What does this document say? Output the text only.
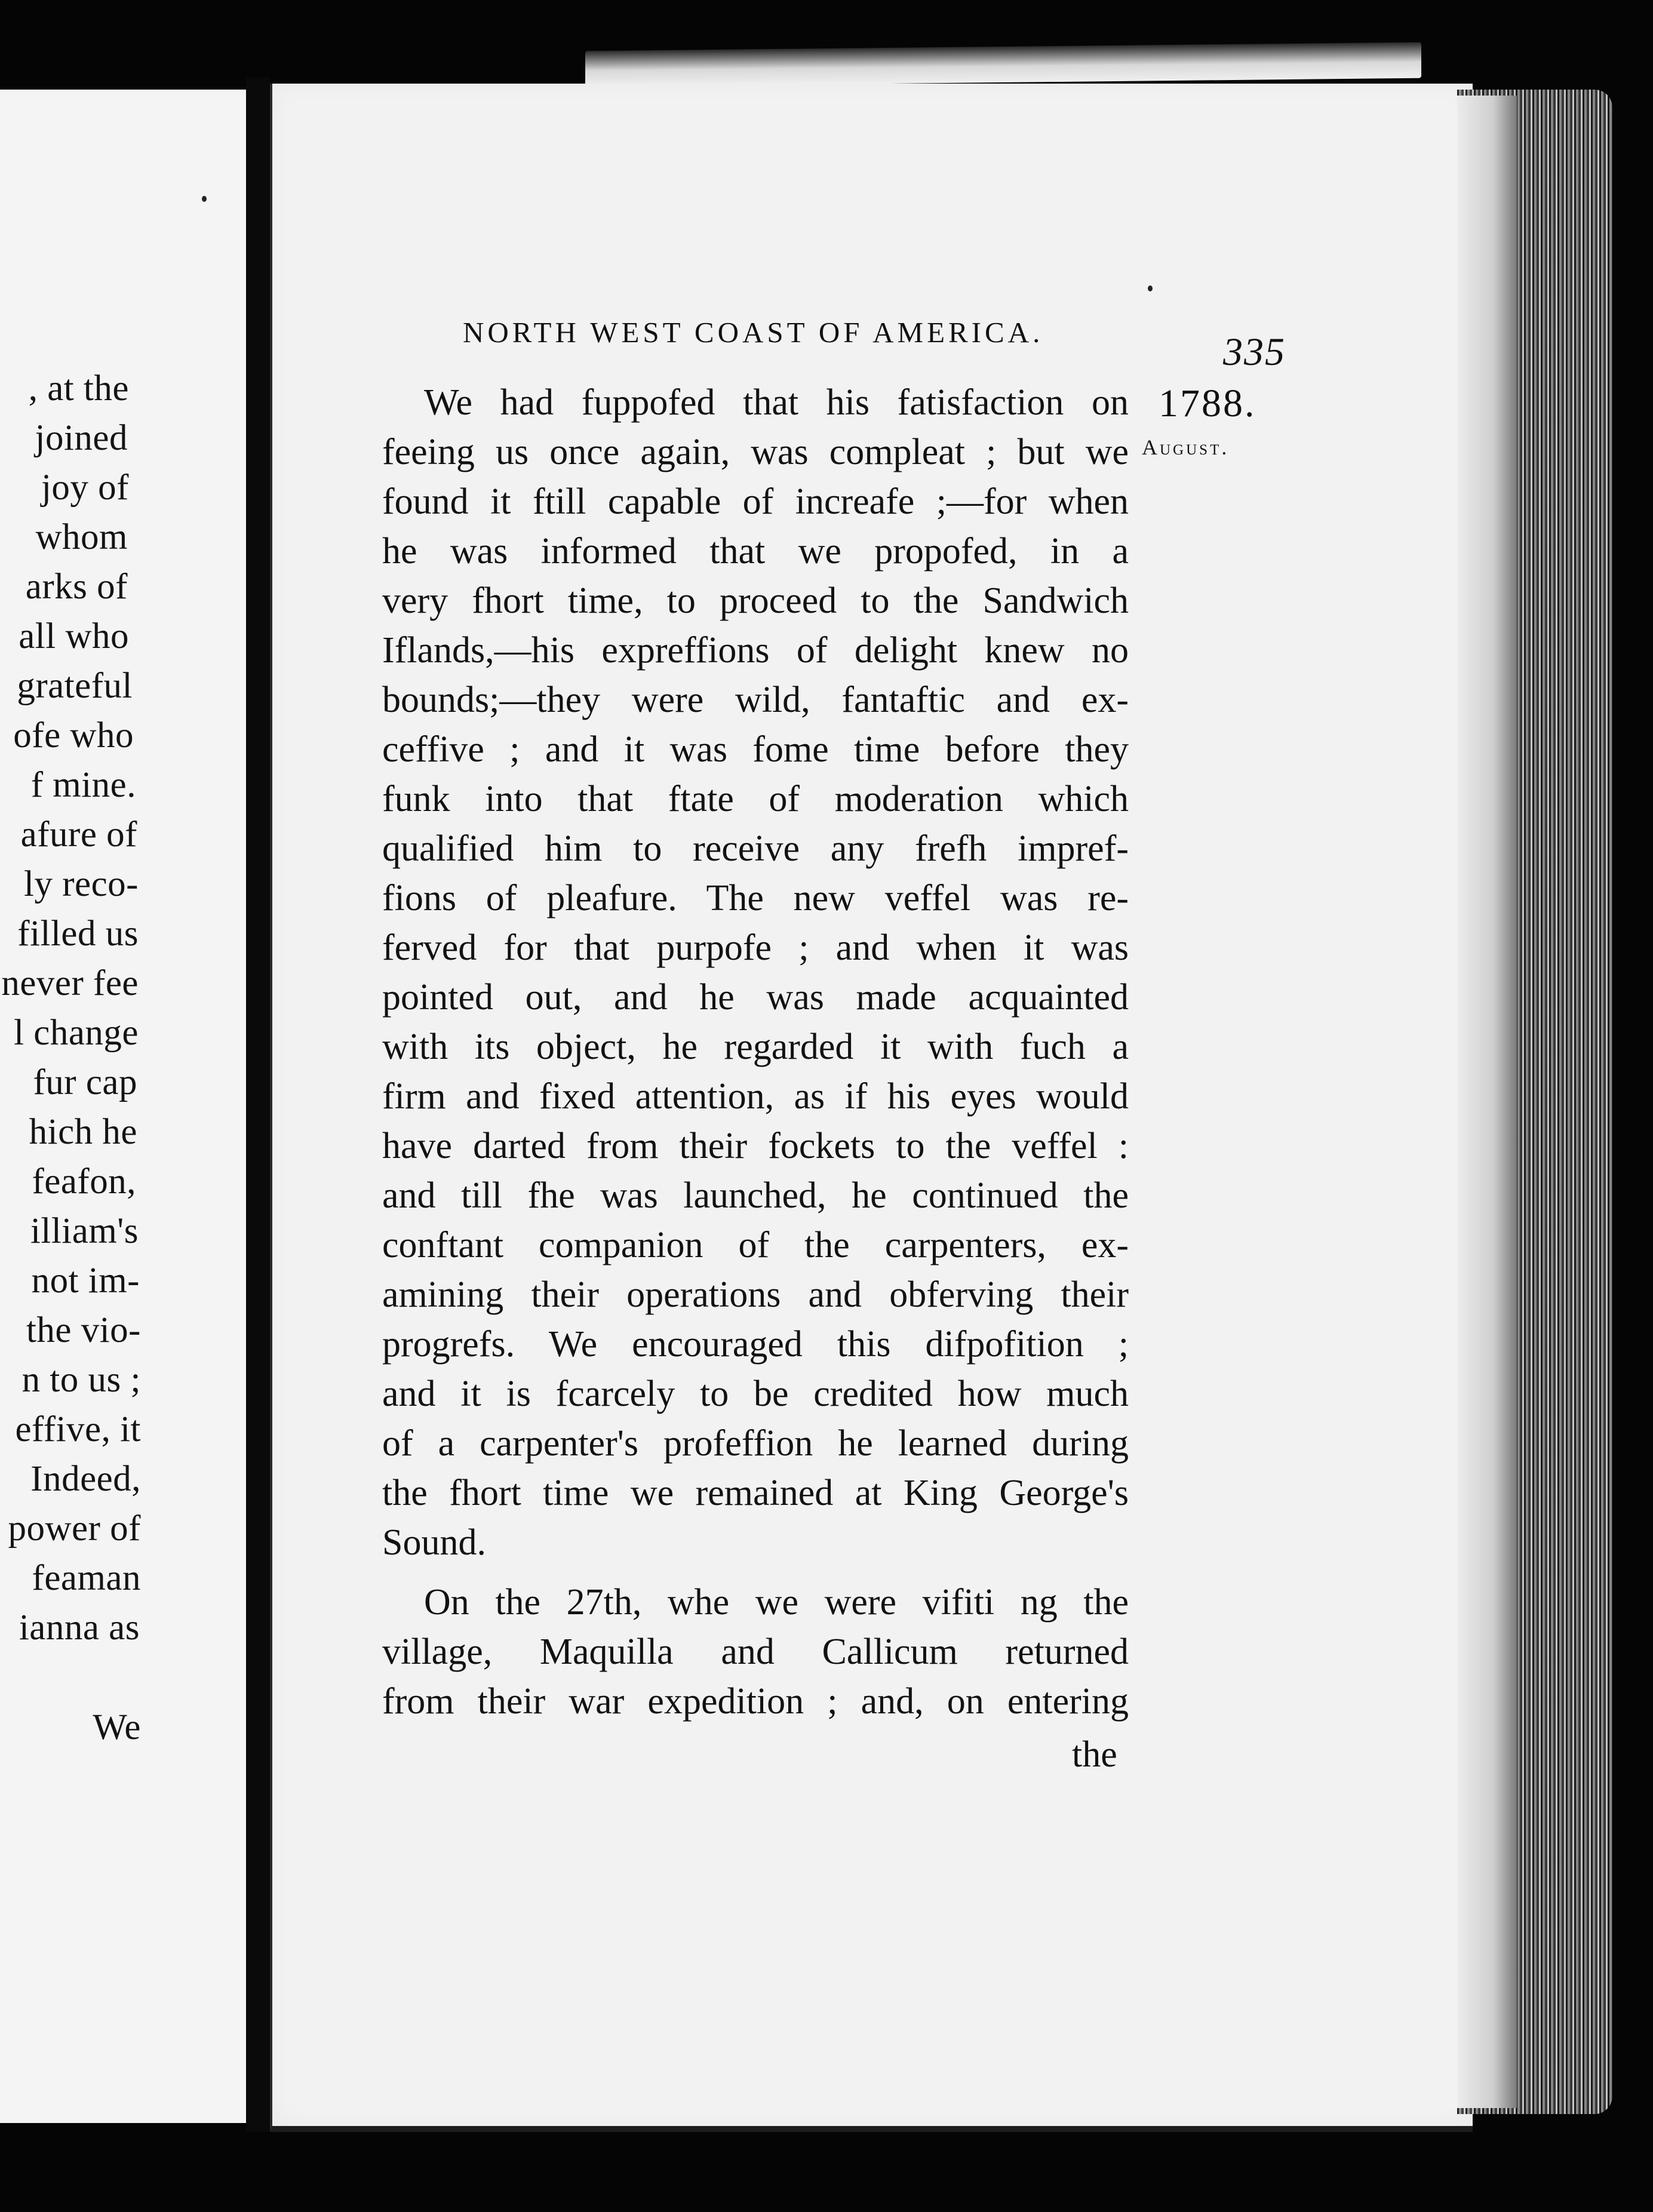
, at the
joined
joy of
whom
arks of
all who
grateful
ofe who
f mine.
afure of
ly reco-
filled us
never fee
l change
fur cap
hich he
feafon,
illiam's
not im-
the vio-
n to us ;
effive, it
Indeed,
power of
feaman
ianna as
We
NORTH WEST COAST OF AMERICA.	335
1788.
August.
We had fuppofed that his fatisfaction on
feeing us once again, was compleat ; but we
found it ftill capable of increafe ;—for when
he was informed that we propofed, in a
very fhort time, to proceed to the Sandwich
Iflands,—his expreffions of delight knew no
bounds;—they were wild, fantaftic and ex-
ceffive ; and it was fome time before they
funk into that ftate of moderation which
qualified him to receive any frefh impref-
fions of pleafure. The new veffel was re-
ferved for that purpofe ; and when it was
pointed out, and he was made acquainted
with its object, he regarded it with fuch a
firm and fixed attention, as if his eyes would
have darted from their fockets to the veffel :
and till fhe was launched, he continued the
conftant companion of the carpenters, ex-
amining their operations and obferving their
progrefs. We encouraged this difpofition ;
and it is fcarcely to be credited how much
of a carpenter's profeffion he learned during
the fhort time we remained at King George's
Sound.
On the 27th, whe we were vifiti ng the
village, Maquilla and Callicum returned
from their war expedition ; and, on entering
the
